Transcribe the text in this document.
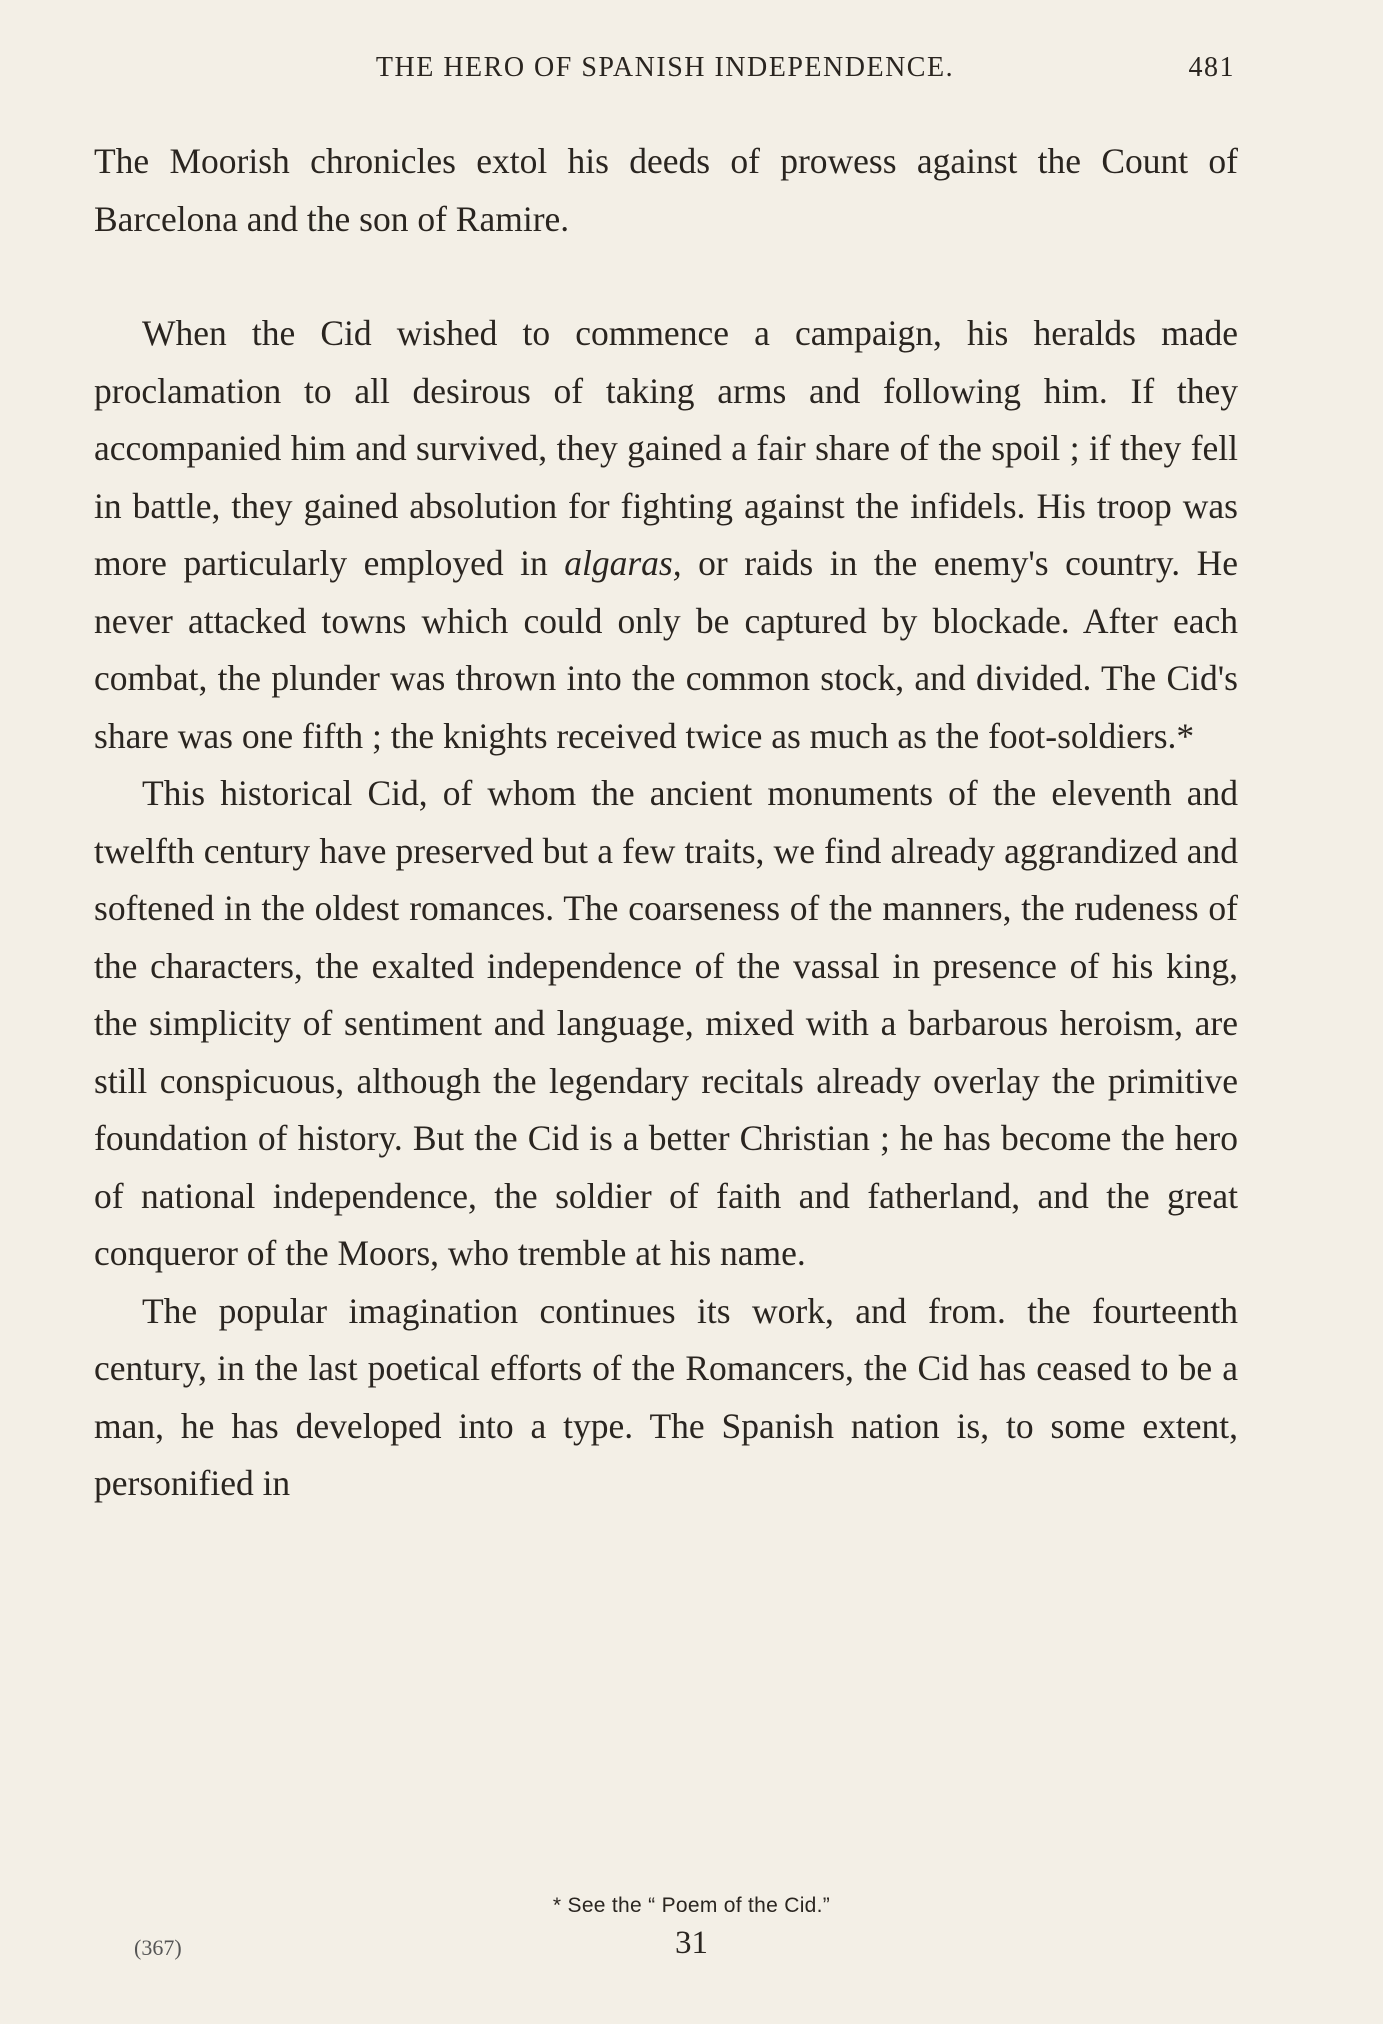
THE HERO OF SPANISH INDEPENDENCE.	481

The Moorish chronicles extol his deeds of prowess against the Count of Barcelona and the son of Ramire.

When the Cid wished to commence a campaign, his heralds made proclamation to all desirous of taking arms and following him. If they accompanied him and survived, they gained a fair share of the spoil ; if they fell in battle, they gained absolution for fighting against the infidels. His troop was more particularly employed in algaras, or raids in the enemy's country. He never attacked towns which could only be captured by blockade. After each combat, the plunder was thrown into the common stock, and divided. The Cid's share was one fifth ; the knights received twice as much as the foot-soldiers.*

This historical Cid, of whom the ancient monuments of the eleventh and twelfth century have preserved but a few traits, we find already aggrandized and softened in the oldest romances. The coarseness of the manners, the rudeness of the characters, the exalted independence of the vassal in presence of his king, the simplicity of sentiment and language, mixed with a barbarous heroism, are still conspicuous, although the legendary recitals already overlay the primitive foundation of history. But the Cid is a better Christian ; he has become the hero of national independence, the soldier of faith and fatherland, and the great conqueror of the Moors, who tremble at his name.

The popular imagination continues its work, and from. the fourteenth century, in the last poetical efforts of the Romancers, the Cid has ceased to be a man, he has developed into a type. The Spanish nation is, to some extent, personified in

* See the “ Poem of the Cid.”
(367)	31
